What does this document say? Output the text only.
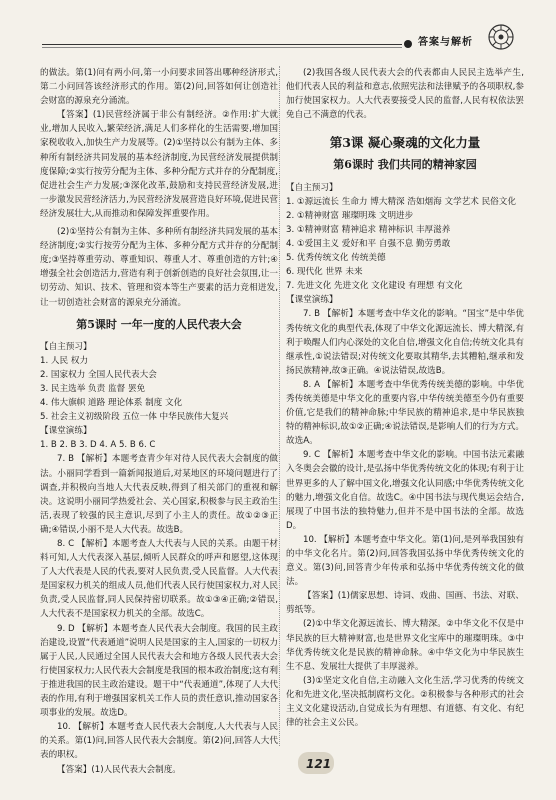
答案与解析

的做法。第(1)问有两小问,第一小问要求回答出哪种经济形式,第二小问回答该经济形式的作用。第(2)问,回答如何让创造社会财富的源泉充分涌流。

【答案】(1)民营经济属于非公有制经济。②作用:扩大就业,增加人民收入,繁荣经济,满足人们多样化的生活需要,增加国家税收收入,加快生产力发展等。(2)①坚持以公有制为主体、多种所有制经济共同发展的基本经济制度,为民营经济发展提供制度保障;②实行按劳分配为主体、多种分配方式并存的分配制度,促进社会生产力发展;③深化改革,鼓励和支持民营经济发展,进一步激发民营经济活力,为民营经济发展营造良好环境,促进民营经济发展壮大,从而推动和保障发挥重要作用。

(2)①坚持公有制为主体、多种所有制经济共同发展的基本经济制度;②实行按劳分配为主体、多种分配方式并存的分配制度;③坚持尊重劳动、尊重知识、尊重人才、尊重创造的方针;④增强全社会创造活力,营造有利于创新创造的良好社会氛围,让一切劳动、知识、技术、管理和资本等生产要素的活力竞相迸发,让一切创造社会财富的源泉充分涌流。

第5课时 一年一度的人民代表大会

【自主预习】

1. 人民 权力

2. 国家权力 全国人民代表大会

3. 民主选举 负责 监督 罢免

4. 伟大旗帜 道路 理论体系 制度 文化

5. 社会主义初级阶段 五位一体 中华民族伟大复兴

【课堂演练】

1. B 2. B 3. D 4. A 5. B 6. C

7. B 【解析】本题考查青少年对待人民代表大会制度的做法。小丽同学看到一篇新闻报道后,对某地区的环境问题进行了调查,并积极向当地人大代表反映,得到了相关部门的重视和解决。这说明小丽同学热爱社会、关心国家,积极参与民主政治生活,表现了较强的民主意识,尽到了小主人的责任。故①②③正确;④错误,小丽不是人大代表。故选B。

8. C 【解析】本题考查人大代表与人民的关系。由题干材料可知,人大代表深入基层,倾听人民群众的呼声和愿望,这体现了人大代表是人民的代表,要对人民负责,受人民监督。人大代表是国家权力机关的组成人员,他们代表人民行使国家权力,对人民负责,受人民监督,同人民保持密切联系。故①③④正确;②错误,人大代表不是国家权力机关的全部。故选C。

9. D 【解析】本题考查人民代表大会制度。我国的民主政治建设,设置“代表通道”说明人民是国家的主人,国家的一切权力属于人民,人民通过全国人民代表大会和地方各级人民代表大会行使国家权力;人民代表大会制度是我国的根本政治制度;这有利于推进我国的民主政治建设。题干中“代表通道”,体现了人大代表的作用,有利于增强国家机关工作人员的责任意识,推动国家各项事业的发展。故选D。

10. 【解析】本题考查人民代表大会制度,人大代表与人民的关系。第(1)问,回答人民代表大会制度。第(2)问,回答人大代表的职权。

【答案】(1)人民代表大会制度。

(2)我国各级人民代表大会的代表都由人民民主选举产生,他们代表人民的利益和意志,依照宪法和法律赋予的各项职权,参加行使国家权力。人大代表要接受人民的监督,人民有权依法罢免自己不满意的代表。

第3课 凝心聚魂的文化力量
第6课时 我们共同的精神家园

【自主预习】

1. ①源远流长 生命力 博大精深 浩如烟海 文学艺术 民俗文化

2. ①精神财富 璀璨明珠 文明进步

3. ①精神财富 精神追求 精神标识 丰厚滋养

4. ①爱国主义 爱好和平 自强不息 勤劳勇敢

5. 优秀传统文化 传统美德

6. 现代化 世界 未来

7. 先进文化 先进文化 文化建设 有理想 有文化

【课堂演练】

7. B 【解析】本题考查中华文化的影响。“国宝”是中华优秀传统文化的典型代表,体现了中华文化源远流长、博大精深,有利于唤醒人们内心深处的文化自信,增强文化自信;传统文化具有继承性,①说法错误;对传统文化要取其精华,去其糟粕,继承和发扬民族精神,故③正确。④说法错误,故选B。

8. A 【解析】本题考查中华优秀传统美德的影响。中华优秀传统美德是中华文化的重要内容,中华传统美德至今仍有重要价值,它是我们的精神命脉;中华民族的精神追求,是中华民族独特的精神标识,故①②正确;④说法错误,是影响人们的行为方式。故选A。

9. C 【解析】本题考查中华文化的影响。中国书法元素融入冬奥会会徽的设计,是弘扬中华优秀传统文化的体现;有利于让世界更多的人了解中国文化,增强文化认同感;中华优秀传统文化的魅力,增强文化自信。故选C。④中国书法与现代奥运会结合,展现了中国书法的独特魅力,但并不是中国书法的全部。故选D。

10. 【解析】本题考查中华文化。第(1)问,是列举我国独有的中华文化名片。第(2)问,回答我国弘扬中华优秀传统文化的意义。第(3)问,回答青少年传承和弘扬中华优秀传统文化的做法。

【答案】(1)儒家思想、诗词、戏曲、国画、书法、对联、剪纸等。

(2)①中华文化源远流长、博大精深。②中华文化不仅是中华民族的巨大精神财富,也是世界文化宝库中的璀璨明珠。③中华优秀传统文化是民族的精神命脉。④中华文化为中华民族生生不息、发展壮大提供了丰厚滋养。

(3)①坚定文化自信,主动融入文化生活,学习优秀的传统文化和先进文化,坚决抵制腐朽文化。②积极参与各种形式的社会主义文化建设活动,自觉成长为有理想、有道德、有文化、有纪律的社会主义公民。

121
